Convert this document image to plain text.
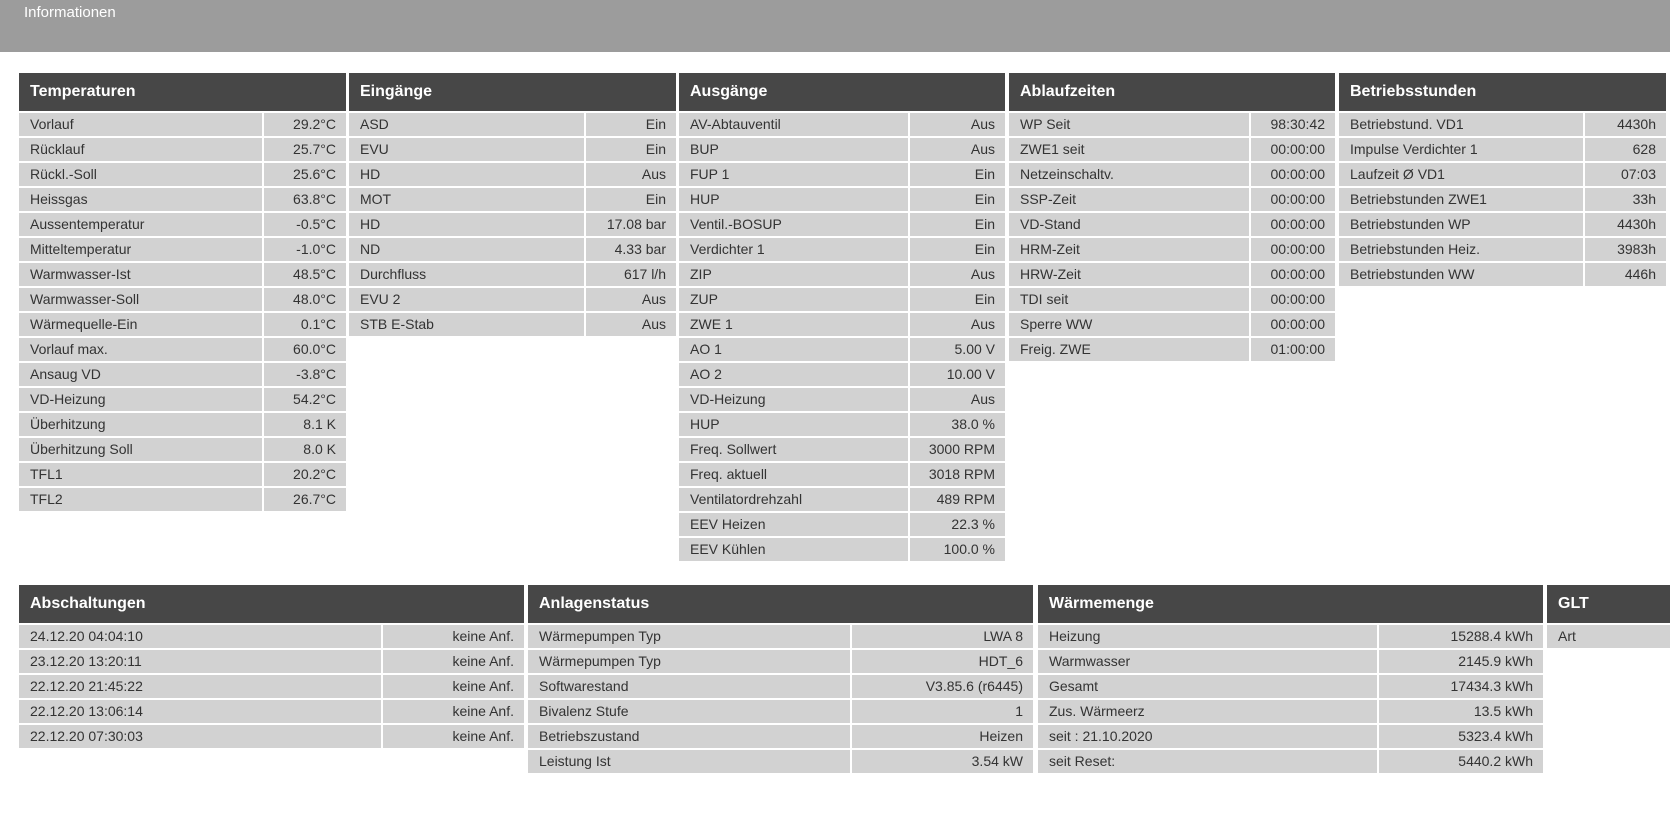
Informationen
Temperaturen
Vorlauf	29.2°C
Rücklauf	25.7°C
Rückl.-Soll	25.6°C
Heissgas	63.8°C
Aussentemperatur	-0.5°C
Mitteltemperatur	-1.0°C
Warmwasser-Ist	48.5°C
Warmwasser-Soll	48.0°C
Wärmequelle-Ein	0.1°C
Vorlauf max.	60.0°C
Ansaug VD	-3.8°C
VD-Heizung	54.2°C
Überhitzung	8.1 K
Überhitzung Soll	8.0 K
TFL1	20.2°C
TFL2	26.7°C
Eingänge
ASD	Ein
EVU	Ein
HD	Aus
MOT	Ein
HD	17.08 bar
ND	4.33 bar
Durchfluss	617 l/h
EVU 2	Aus
STB E-Stab	Aus
Ausgänge
AV-Abtauventil	Aus
BUP	Aus
FUP 1	Ein
HUP	Ein
Ventil.-BOSUP	Ein
Verdichter 1	Ein
ZIP	Aus
ZUP	Ein
ZWE 1	Aus
AO 1	5.00 V
AO 2	10.00 V
VD-Heizung	Aus
HUP	38.0 %
Freq. Sollwert	3000 RPM
Freq. aktuell	3018 RPM
Ventilatordrehzahl	489 RPM
EEV Heizen	22.3 %
EEV Kühlen	100.0 %
Ablaufzeiten
WP Seit	98:30:42
ZWE1 seit	00:00:00
Netzeinschaltv.	00:00:00
SSP-Zeit	00:00:00
VD-Stand	00:00:00
HRM-Zeit	00:00:00
HRW-Zeit	00:00:00
TDI seit	00:00:00
Sperre WW	00:00:00
Freig. ZWE	01:00:00
Betriebsstunden
Betriebstund. VD1	4430h
Impulse Verdichter 1	628
Laufzeit Ø VD1	07:03
Betriebstunden ZWE1	33h
Betriebstunden WP	4430h
Betriebstunden Heiz.	3983h
Betriebstunden WW	446h
Abschaltungen
24.12.20 04:04:10	keine Anf.
23.12.20 13:20:11	keine Anf.
22.12.20 21:45:22	keine Anf.
22.12.20 13:06:14	keine Anf.
22.12.20 07:30:03	keine Anf.
Anlagenstatus
Wärmepumpen Typ	LWA 8
Wärmepumpen Typ	HDT_6
Softwarestand	V3.85.6 (r6445)
Bivalenz Stufe	1
Betriebszustand	Heizen
Leistung Ist	3.54 kW
Wärmemenge
Heizung	15288.4 kWh
Warmwasser	2145.9 kWh
Gesamt	17434.3 kWh
Zus. Wärmeerz	13.5 kWh
seit : 21.10.2020	5323.4 kWh
seit Reset:	5440.2 kWh
GLT
Art
